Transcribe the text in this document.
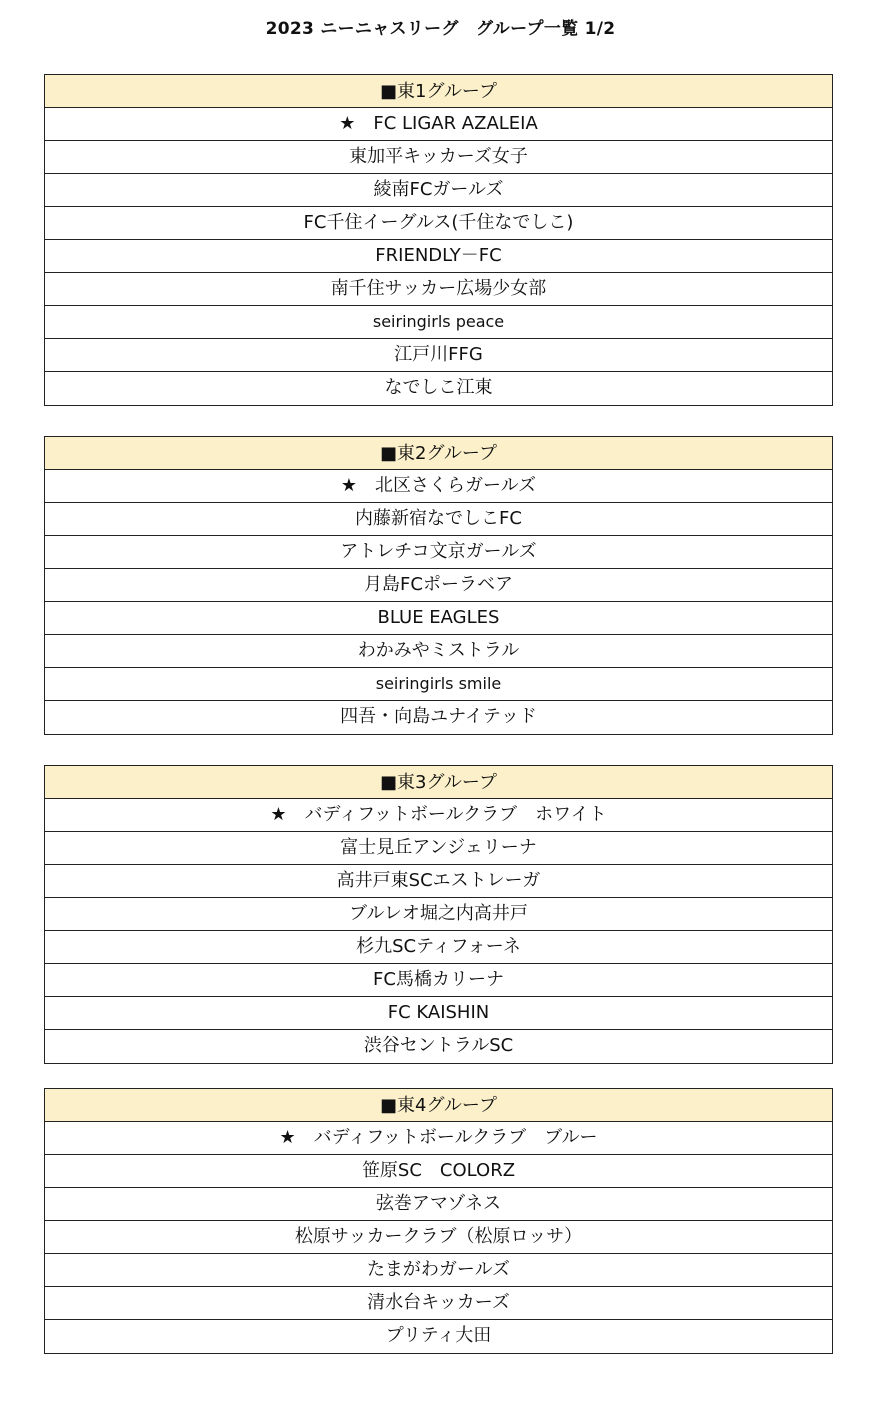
2023 ニーニャスリーグ　グループ一覧 1/2
■東1グループ
★　FC LIGAR AZALEIA
東加平キッカーズ女子
綾南FCガールズ
FC千住イーグルス(千住なでしこ)
FRIENDLY－FC
南千住サッカー広場少女部
seiringirls peace
江戸川FFG
なでしこ江東
■東2グループ
★　北区さくらガールズ
内藤新宿なでしこFC
アトレチコ文京ガールズ
月島FCポーラベア
BLUE EAGLES
わかみやミストラル
seiringirls smile
四吾・向島ユナイテッド
■東3グループ
★　バディフットボールクラブ　ホワイト
富士見丘アンジェリーナ
高井戸東SCエストレーガ
ブルレオ堀之内高井戸
杉九SCティフォーネ
FC馬橋カリーナ
FC KAISHIN
渋谷セントラルSC
■東4グループ
★　バディフットボールクラブ　ブルー
笹原SC　COLORZ
弦巻アマゾネス
松原サッカークラブ（松原ロッサ）
たまがわガールズ
清水台キッカーズ
プリティ大田
